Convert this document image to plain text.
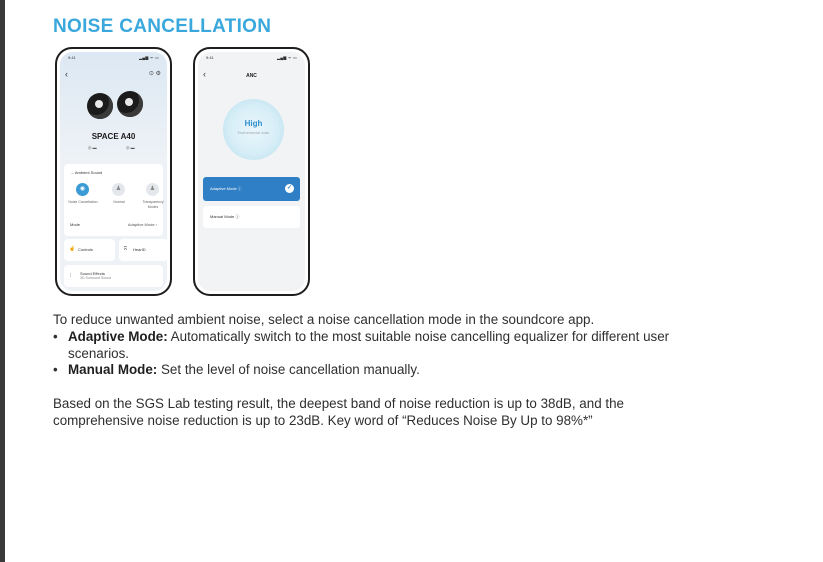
NOISE CANCELLATION
9:41	▂▄▆ ᯤ ▭
‹	⊙ ⚙
SPACE A40
◎ ▬	◎ ▬
→ Ambient Sound
◉	♟	♟
Noise Cancellation	Normal	Transparency Modes
Mode	Adaptive Mode ›
☝ Controls	ʭ HearID
⫶ Sound Effects
3D Surround Sound
9:41	▂▄▆ ᯤ ▭
‹	ANC
High
Environmental noise
Adaptive Mode ⓘ	✓
Manual Mode ⓘ
To reduce unwanted ambient noise, select a noise cancellation mode in the soundcore app.
• Adaptive Mode: Automatically switch to the most suitable noise cancelling equalizer for different user
scenarios.
• Manual Mode: Set the level of noise cancellation manually.
Based on the SGS Lab testing result, the deepest band of noise reduction is up to 38dB, and the
comprehensive noise reduction is up to 23dB. Key word of “Reduces Noise By Up to 98%*”
